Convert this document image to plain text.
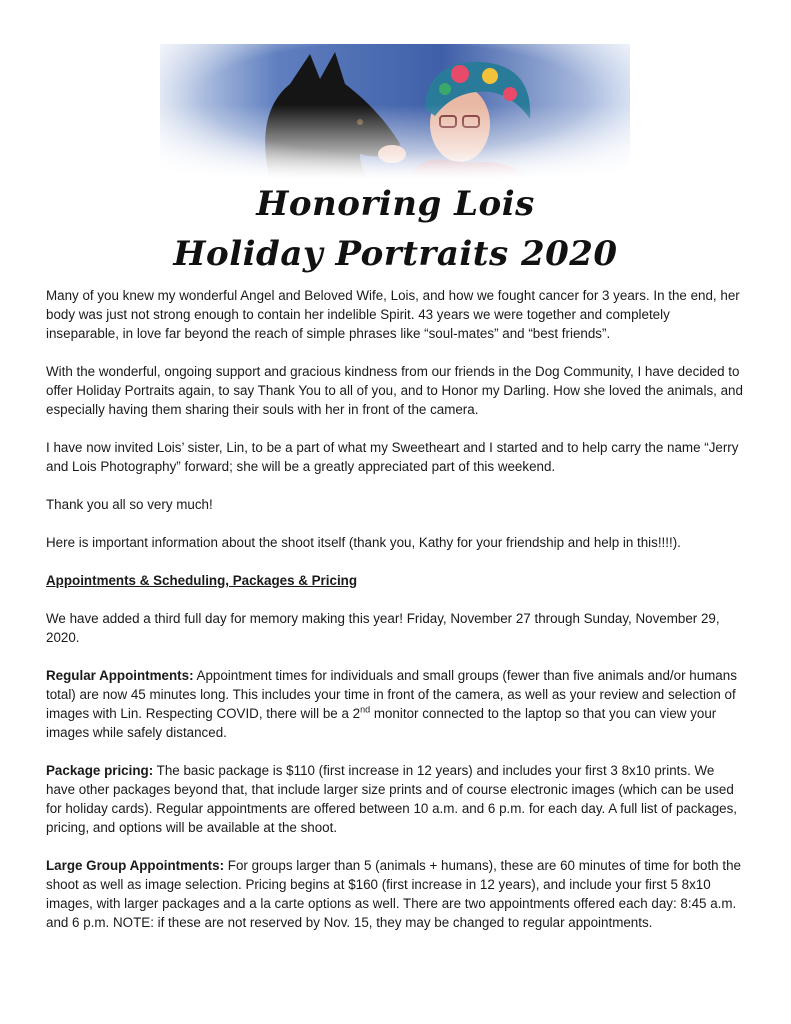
Honoring Lois
Holiday Portraits 2020

Many of you knew my wonderful Angel and Beloved Wife, Lois, and how we fought cancer for 3 years. In the end, her body was just not strong enough to contain her indelible Spirit. 43 years we were together and completely inseparable, in love far beyond the reach of simple phrases like “soul-mates” and “best friends”.

With the wonderful, ongoing support and gracious kindness from our friends in the Dog Community, I have decided to offer Holiday Portraits again, to say Thank You to all of you, and to Honor my Darling. How she loved the animals, and especially having them sharing their souls with her in front of the camera.

I have now invited Lois’ sister, Lin, to be a part of what my Sweetheart and I started and to help carry the name “Jerry and Lois Photography” forward; she will be a greatly appreciated part of this weekend.

Thank you all so very much!

Here is important information about the shoot itself (thank you, Kathy for your friendship and help in this!!!!).

Appointments & Scheduling, Packages & Pricing

We have added a third full day for memory making this year! Friday, November 27 through Sunday, November 29, 2020.

Regular Appointments: Appointment times for individuals and small groups (fewer than five animals and/or humans total) are now 45 minutes long. This includes your time in front of the camera, as well as your review and selection of images with Lin. Respecting COVID, there will be a 2nd monitor connected to the laptop so that you can view your images while safely distanced.

Package pricing: The basic package is $110 (first increase in 12 years) and includes your first 3 8x10 prints. We have other packages beyond that, that include larger size prints and of course electronic images (which can be used for holiday cards). Regular appointments are offered between 10 a.m. and 6 p.m. for each day. A full list of packages, pricing, and options will be available at the shoot.

Large Group Appointments: For groups larger than 5 (animals + humans), these are 60 minutes of time for both the shoot as well as image selection. Pricing begins at $160 (first increase in 12 years), and include your first 5 8x10 images, with larger packages and a la carte options as well. There are two appointments offered each day: 8:45 a.m. and 6 p.m. NOTE: if these are not reserved by Nov. 15, they may be changed to regular appointments.
